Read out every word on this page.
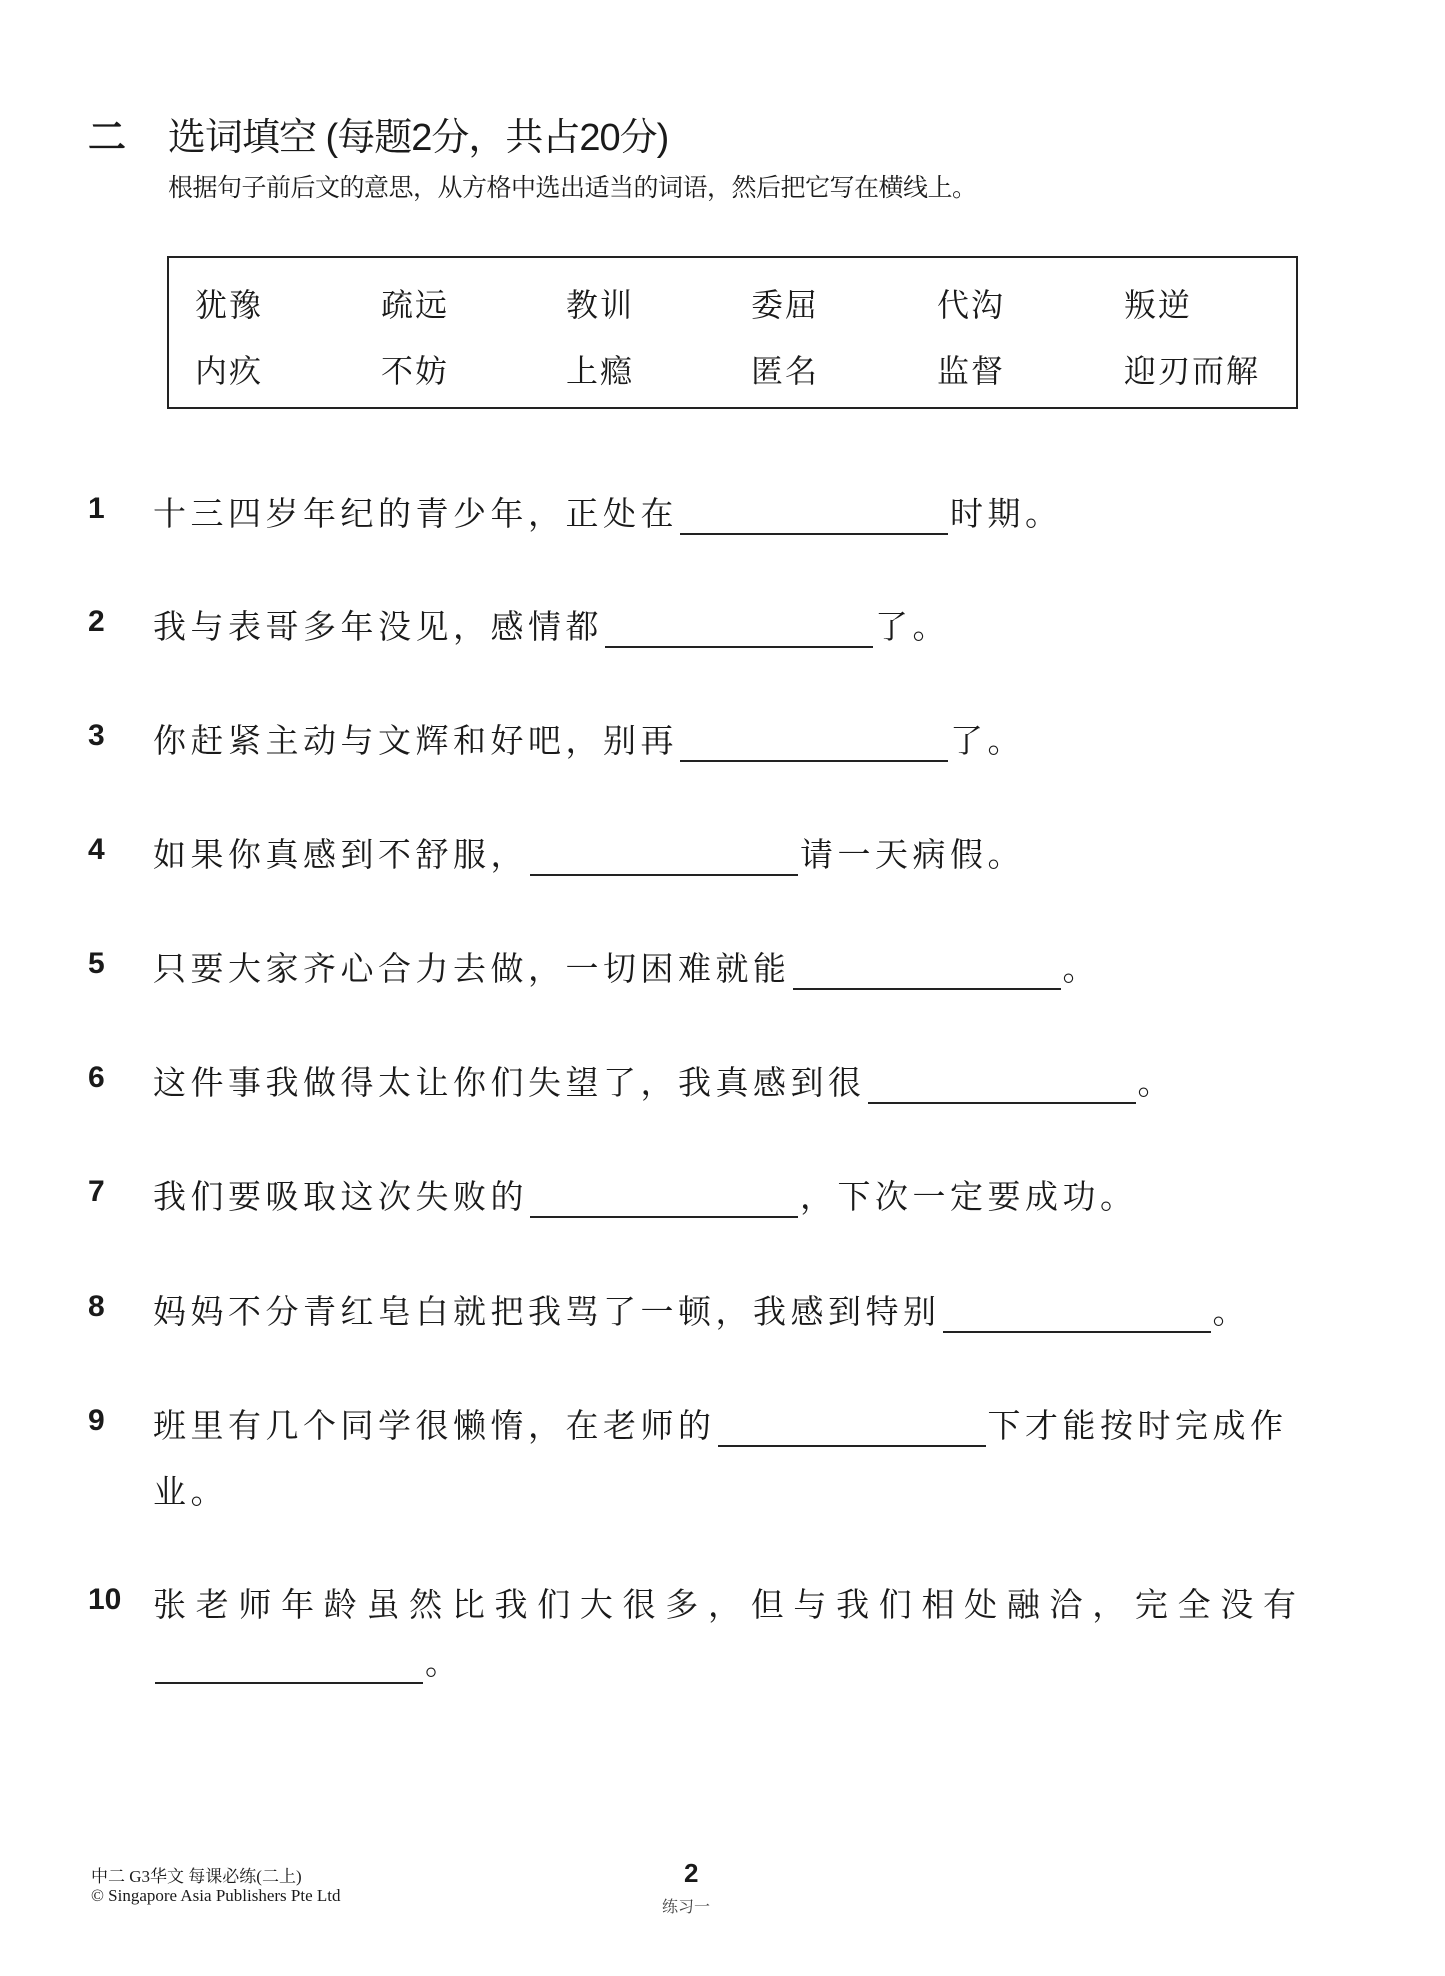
二 选词填空 (每题2分，共占20分)
根据句子前后文的意思，从方格中选出适当的词语，然后把它写在横线上。
犹豫	疏远	教训	委屈	代沟	叛逆
内疚	不妨	上瘾	匿名	监督	迎刃而解
1 十三四岁年纪的青少年，正处在	时期。
2 我与表哥多年没见，感情都	了。
3 你赶紧主动与文辉和好吧，别再	了。
4 如果你真感到不舒服，	请一天病假。
5 只要大家齐心合力去做，一切困难就能	。
6 这件事我做得太让你们失望了，我真感到很	。
7 我们要吸取这次失败的	，下次一定要成功。
8 妈妈不分青红皂白就把我骂了一顿，我感到特别	。
9 班里有几个同学很懒惰，在老师的	下才能按时完成作
业。
10 张老师年龄虽然比我们大很多，但与我们相处融洽，完全没有
。
中二 G3华文 每课必练(二上)
© Singapore Asia Publishers Pte Ltd
2
练习一
